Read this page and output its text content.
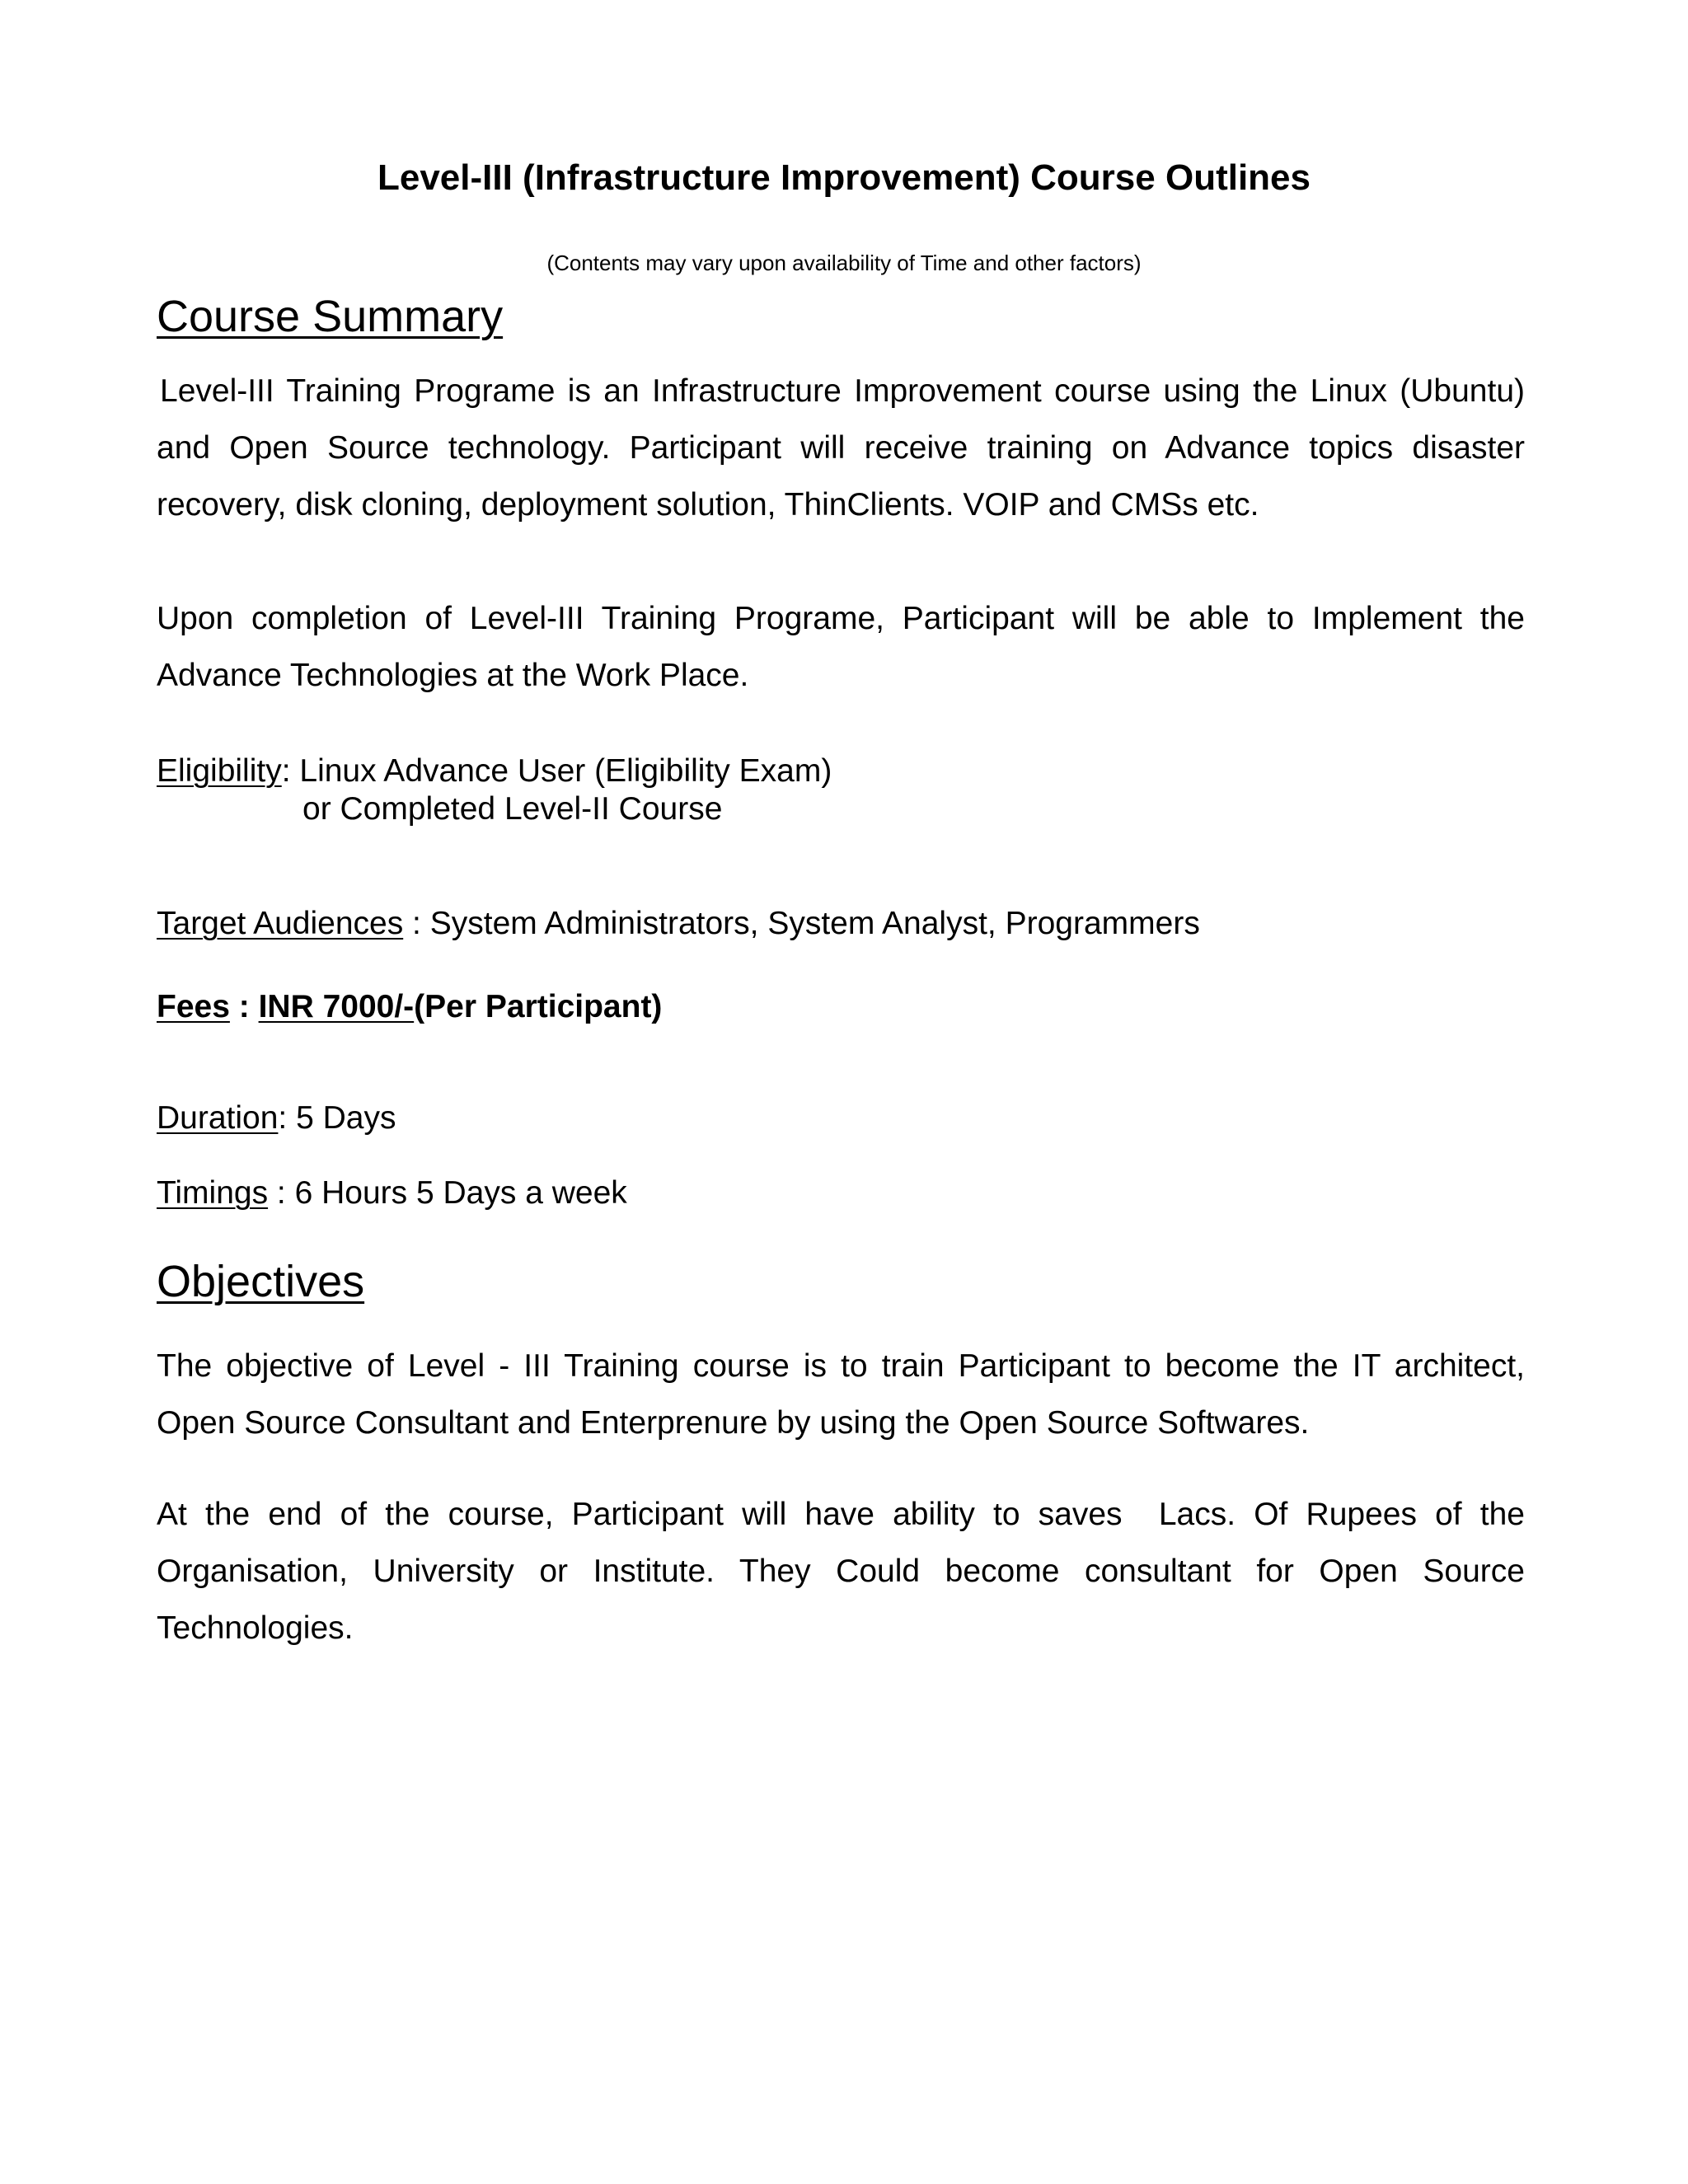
Level-III (Infrastructure Improvement) Course Outlines
(Contents may vary upon availability of Time and other factors)
Course Summary

Level-III Training Programe is an Infrastructure Improvement course using the Linux (Ubuntu) and Open Source technology. Participant will receive training on Advance topics disaster recovery, disk cloning, deployment solution, ThinClients. VOIP and CMSs etc.

Upon completion of Level-III Training Programe, Participant will be able to Implement the Advance Technologies at the Work Place.

Eligibility: Linux Advance User (Eligibility Exam)
or Completed Level-II Course
Target Audiences : System Administrators, System Analyst, Programmers
Fees : INR 7000/-(Per Participant)
Duration: 5 Days
Timings : 6 Hours 5 Days a week
Objectives

The objective of Level - III Training course is to train Participant to become the IT architect, Open Source Consultant and Enterprenure by using the Open Source Softwares.

At the end of the course, Participant will have ability to saves  Lacs. Of Rupees of the Organisation, University or Institute. They Could become consultant for Open Source Technologies.
